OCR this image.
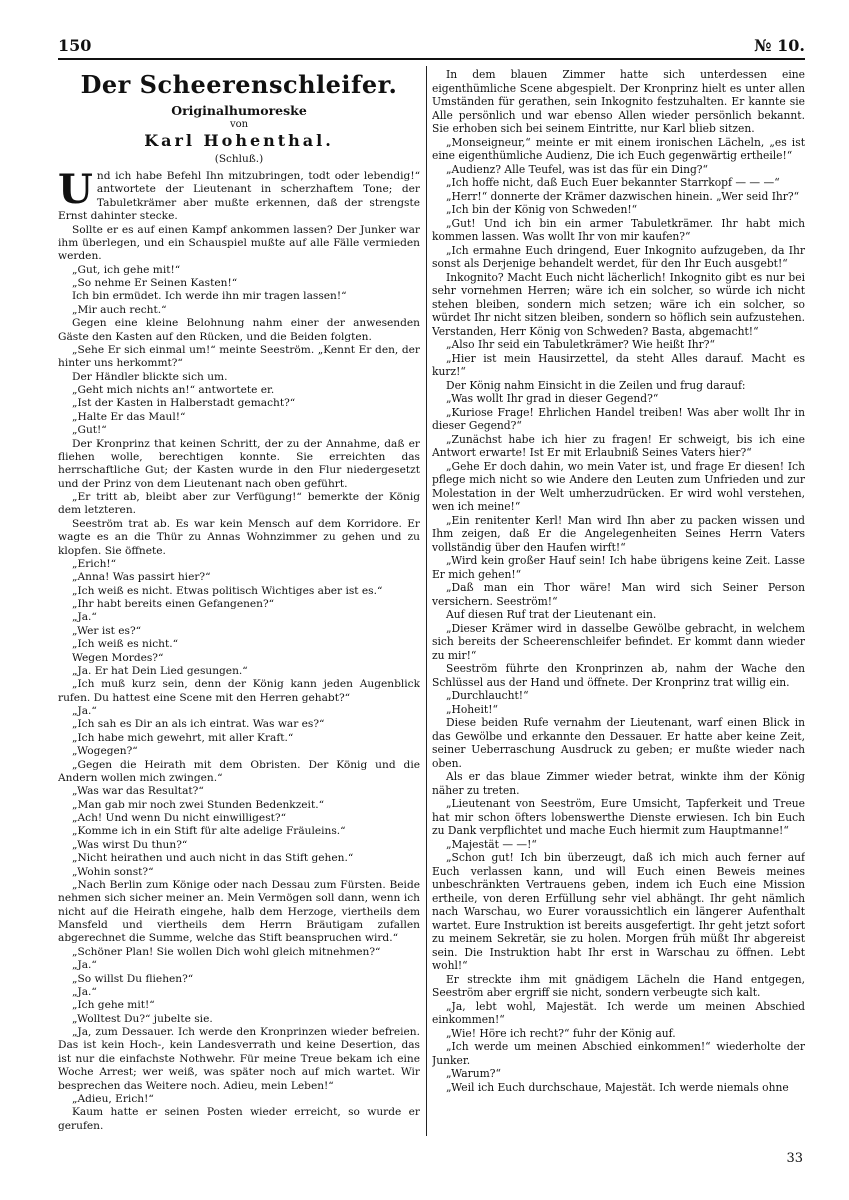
150	№ 10.
Der Scheerenschleifer.
Originalhumoreske
von
Karl Hohenthal.
(Schluß.)

Und ich habe Befehl Ihn mitzubringen, todt oder lebendig!“ antwortete der Lieutenant in scherzhaftem Tone; der Tabuletkrämer aber mußte erkennen, daß der strengste Ernst dahinter stecke.

Sollte er es auf einen Kampf ankommen lassen? Der Junker war ihm überlegen, und ein Schauspiel mußte auf alle Fälle vermieden werden.

„Gut, ich gehe mit!“

„So nehme Er Seinen Kasten!“

Ich bin ermüdet. Ich werde ihn mir tragen lassen!“

„Mir auch recht.“

Gegen eine kleine Belohnung nahm einer der anwesenden Gäste den Kasten auf den Rücken, und die Beiden folgten.

„Sehe Er sich einmal um!“ meinte Seeström. „Kennt Er den, der hinter uns herkommt?“

Der Händler blickte sich um.

„Geht mich nichts an!“ antwortete er.

„Ist der Kasten in Halberstadt gemacht?“

„Halte Er das Maul!“

„Gut!“

Der Kronprinz that keinen Schritt, der zu der Annahme, daß er fliehen wolle, berechtigen konnte. Sie erreichten das herrschaftliche Gut; der Kasten wurde in den Flur niedergesetzt und der Prinz von dem Lieutenant nach oben geführt.

„Er tritt ab, bleibt aber zur Verfügung!“ bemerkte der König dem letzteren.

Seeström trat ab. Es war kein Mensch auf dem Korridore. Er wagte es an die Thür zu Annas Wohnzimmer zu gehen und zu klopfen. Sie öffnete.

„Erich!“

„Anna! Was passirt hier?“

„Ich weiß es nicht. Etwas politisch Wichtiges aber ist es.“

„Ihr habt bereits einen Gefangenen?“

„Ja.“

„Wer ist es?“

„Ich weiß es nicht.“

Wegen Mordes?“

„Ja. Er hat Dein Lied gesungen.“

„Ich muß kurz sein, denn der König kann jeden Augenblick rufen. Du hattest eine Scene mit den Herren gehabt?“

„Ja.“

„Ich sah es Dir an als ich eintrat. Was war es?“

„Ich habe mich gewehrt, mit aller Kraft.“

„Wogegen?“

„Gegen die Heirath mit dem Obristen. Der König und die Andern wollen mich zwingen.“

„Was war das Resultat?“

„Man gab mir noch zwei Stunden Bedenkzeit.“

„Ach! Und wenn Du nicht einwilligest?“

„Komme ich in ein Stift für alte adelige Fräuleins.“

„Was wirst Du thun?“

„Nicht heirathen und auch nicht in das Stift gehen.“

„Wohin sonst?“

„Nach Berlin zum Könige oder nach Dessau zum Fürsten. Beide nehmen sich sicher meiner an. Mein Vermögen soll dann, wenn ich nicht auf die Heirath eingehe, halb dem Herzoge, viertheils dem Mansfeld und viertheils dem Herrn Bräutigam zufallen abgerechnet die Summe, welche das Stift beanspruchen wird.“

„Schöner Plan! Sie wollen Dich wohl gleich mitnehmen?“

„Ja.“

„So willst Du fliehen?“

„Ja.“

„Ich gehe mit!“

„Wolltest Du?“ jubelte sie.

„Ja, zum Dessauer. Ich werde den Kronprinzen wieder befreien. Das ist kein Hoch-, kein Landesverrath und keine Desertion, das ist nur die einfachste Nothwehr. Für meine Treue bekam ich eine Woche Arrest; wer weiß, was später noch auf mich wartet. Wir besprechen das Weitere noch. Adieu, mein Leben!“

„Adieu, Erich!“

Kaum hatte er seinen Posten wieder erreicht, so wurde er gerufen.

In dem blauen Zimmer hatte sich unterdessen eine eigenthümliche Scene abgespielt. Der Kronprinz hielt es unter allen Umständen für gerathen, sein Inkognito festzuhalten. Er kannte sie Alle persönlich und war ebenso Allen wieder persönlich bekannt. Sie erhoben sich bei seinem Eintritte, nur Karl blieb sitzen.

„Monseigneur,“ meinte er mit einem ironischen Lächeln, „es ist eine eigenthümliche Audienz, Die ich Euch gegenwärtig ertheile!“

„Audienz? Alle Teufel, was ist das für ein Ding?“

„Ich hoffe nicht, daß Euch Euer bekannter Starrkopf — — —“

„Herr!“ donnerte der Krämer dazwischen hinein. „Wer seid Ihr?“

„Ich bin der König von Schweden!“

„Gut! Und ich bin ein armer Tabuletkrämer. Ihr habt mich kommen lassen. Was wollt Ihr von mir kaufen?“

„Ich ermahne Euch dringend, Euer Inkognito aufzugeben, da Ihr sonst als Derjenige behandelt werdet, für den Ihr Euch ausgebt!“

Inkognito? Macht Euch nicht lächerlich! Inkognito gibt es nur bei sehr vornehmen Herren; wäre ich ein solcher, so würde ich nicht stehen bleiben, sondern mich setzen; wäre ich ein solcher, so würdet Ihr nicht sitzen bleiben, sondern so höflich sein aufzustehen. Verstanden, Herr König von Schweden? Basta, abgemacht!“

„Also Ihr seid ein Tabuletkrämer? Wie heißt Ihr?“

„Hier ist mein Hausirzettel, da steht Alles darauf. Macht es kurz!“

Der König nahm Einsicht in die Zeilen und frug darauf:

„Was wollt Ihr grad in dieser Gegend?“

„Kuriose Frage! Ehrlichen Handel treiben! Was aber wollt Ihr in dieser Gegend?“

„Zunächst habe ich hier zu fragen! Er schweigt, bis ich eine Antwort erwarte! Ist Er mit Erlaubniß Seines Vaters hier?“

„Gehe Er doch dahin, wo mein Vater ist, und frage Er diesen! Ich pflege mich nicht so wie Andere den Leuten zum Unfrieden und zur Molestation in der Welt umherzudrücken. Er wird wohl verstehen, wen ich meine!“

„Ein renitenter Kerl! Man wird Ihn aber zu packen wissen und Ihm zeigen, daß Er die Angelegenheiten Seines Herrn Vaters vollständig über den Haufen wirft!“

„Wird kein großer Hauf sein! Ich habe übrigens keine Zeit. Lasse Er mich gehen!“

„Daß man ein Thor wäre! Man wird sich Seiner Person versichern. Seeström!“

Auf diesen Ruf trat der Lieutenant ein.

„Dieser Krämer wird in dasselbe Gewölbe gebracht, in welchem sich bereits der Scheerenschleifer befindet. Er kommt dann wieder zu mir!“

Seeström führte den Kronprinzen ab, nahm der Wache den Schlüssel aus der Hand und öffnete. Der Kronprinz trat willig ein.

„Durchlaucht!“

„Hoheit!“

Diese beiden Rufe vernahm der Lieutenant, warf einen Blick in das Gewölbe und erkannte den Dessauer. Er hatte aber keine Zeit, seiner Ueberraschung Ausdruck zu geben; er mußte wieder nach oben.

Als er das blaue Zimmer wieder betrat, winkte ihm der König näher zu treten.

„Lieutenant von Seeström, Eure Umsicht, Tapferkeit und Treue hat mir schon öfters lobenswerthe Dienste erwiesen. Ich bin Euch zu Dank verpflichtet und mache Euch hiermit zum Hauptmanne!“

„Majestät — —!“

„Schon gut! Ich bin überzeugt, daß ich mich auch ferner auf Euch verlassen kann, und will Euch einen Beweis meines unbeschränkten Vertrauens geben, indem ich Euch eine Mission ertheile, von deren Erfüllung sehr viel abhängt. Ihr geht nämlich nach Warschau, wo Eurer voraussichtlich ein längerer Aufenthalt wartet. Eure Instruktion ist bereits ausgefertigt. Ihr geht jetzt sofort zu meinem Sekretär, sie zu holen. Morgen früh müßt Ihr abgereist sein. Die Instruktion habt Ihr erst in Warschau zu öffnen. Lebt wohl!“

Er streckte ihm mit gnädigem Lächeln die Hand entgegen, Seeström aber ergriff sie nicht, sondern verbeugte sich kalt.

„Ja, lebt wohl, Majestät. Ich werde um meinen Abschied einkommen!“

„Wie! Höre ich recht?“ fuhr der König auf.

„Ich werde um meinen Abschied einkommen!“ wiederholte der Junker.

„Warum?“

„Weil ich Euch durchschaue, Majestät. Ich werde niemals ohne

33
